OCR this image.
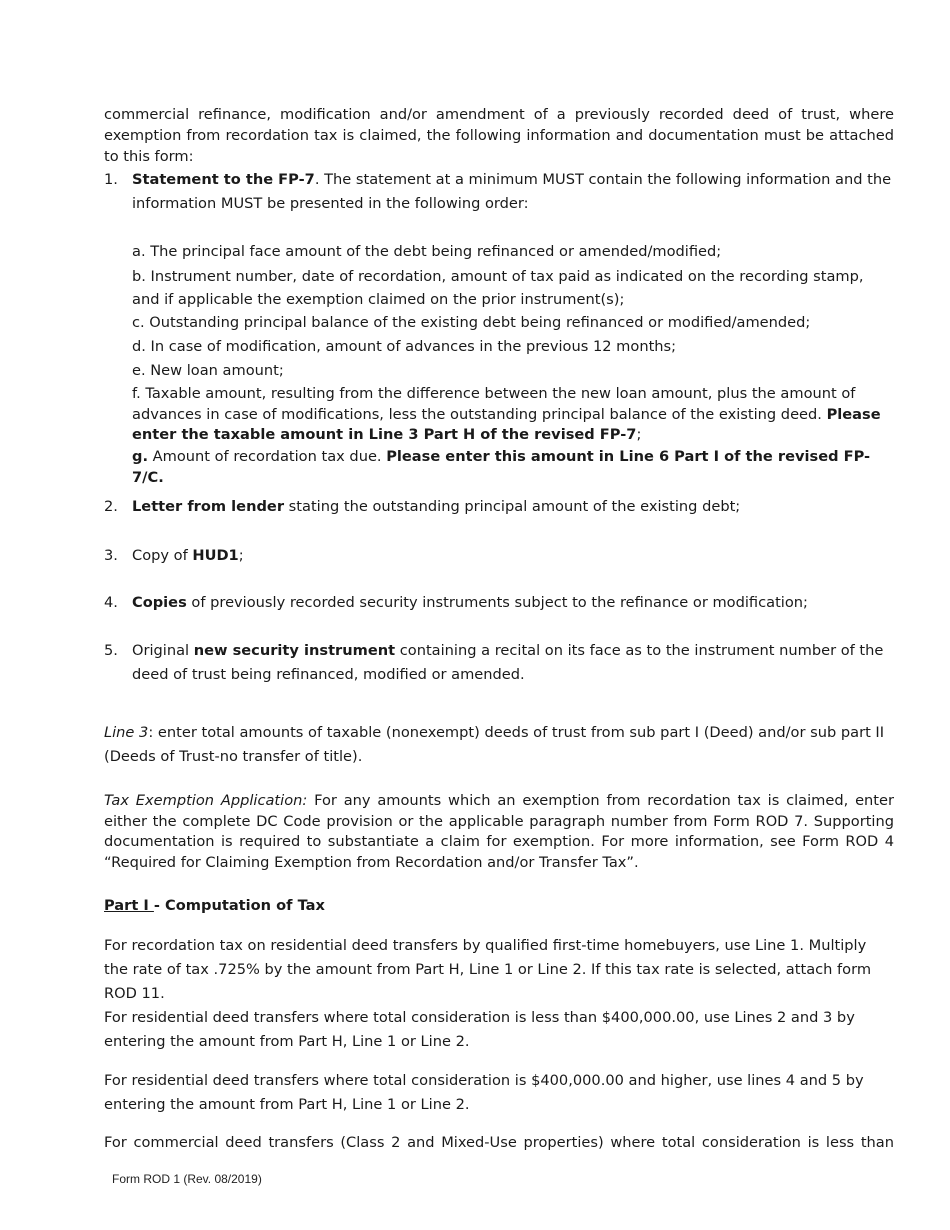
commercial refinance, modification and/or amendment of a previously recorded deed of trust, where exemption from recordation tax is claimed, the following information and documentation must be attached to this form:

1. Statement to the FP-7. The statement at a minimum MUST contain the following information and the information MUST be presented in the following order:
a. The principal face amount of the debt being refinanced or amended/modified;
b. Instrument number, date of recordation, amount of tax paid as indicated on the recording stamp, and if applicable the exemption claimed on the prior instrument(s);
c. Outstanding principal balance of the existing debt being refinanced or modified/amended;
d. In case of modification, amount of advances in the previous 12 months;
e. New loan amount;
f. Taxable amount, resulting from the difference between the new loan amount, plus the amount of advances in case of modifications, less the outstanding principal balance of the existing deed. Please enter the taxable amount in Line 3 Part H of the revised FP-7;
g. Amount of recordation tax due. Please enter this amount in Line 6 Part I of the revised FP-7/C.
2. Letter from lender stating the outstanding principal amount of the existing debt;
3. Copy of HUD1;
4. Copies of previously recorded security instruments subject to the refinance or modification;
5. Original new security instrument containing a recital on its face as to the instrument number of the deed of trust being refinanced, modified or amended.

Line 3: enter total amounts of taxable (nonexempt) deeds of trust from sub part I (Deed) and/or sub part II (Deeds of Trust-no transfer of title).

Tax Exemption Application: For any amounts which an exemption from recordation tax is claimed, enter either the complete DC Code provision or the applicable paragraph number from Form ROD 7. Supporting documentation is required to substantiate a claim for exemption. For more information, see Form ROD 4 “Required for Claiming Exemption from Recordation and/or Transfer Tax”.

Part I - Computation of Tax

For recordation tax on residential deed transfers by qualified first-time homebuyers, use Line 1. Multiply the rate of tax .725% by the amount from Part H, Line 1 or Line 2. If this tax rate is selected, attach form ROD 11.

For residential deed transfers where total consideration is less than $400,000.00, use Lines 2 and 3 by entering the amount from Part H, Line 1 or Line 2.

For residential deed transfers where total consideration is $400,000.00 and higher, use lines 4 and 5 by entering the amount from Part H, Line 1 or Line 2.

For commercial deed transfers (Class 2 and Mixed-Use properties) where total consideration is less than

Form ROD 1 (Rev. 08/2019)
